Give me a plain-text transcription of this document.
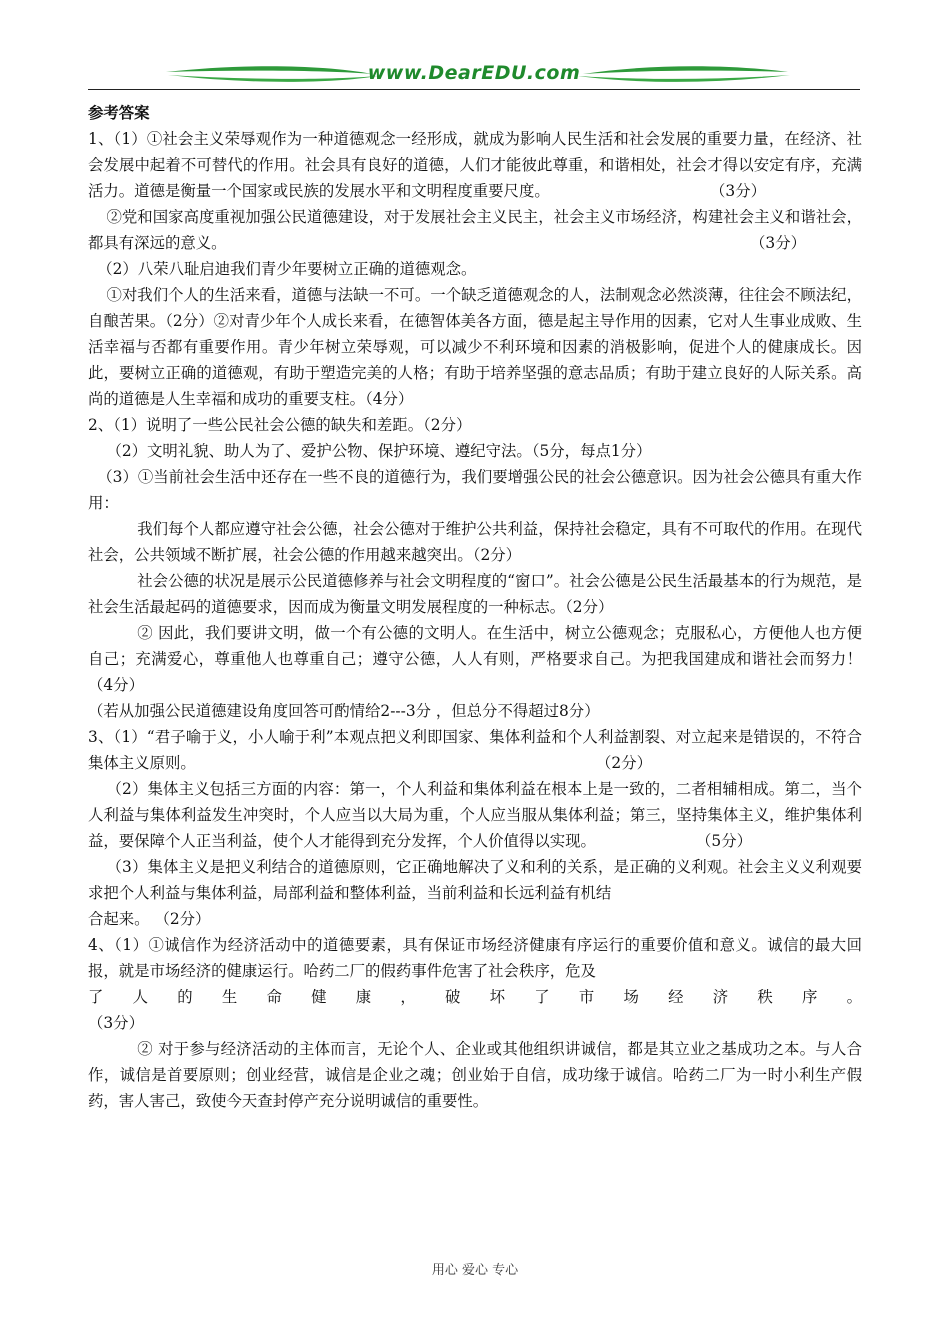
www.DearEDU.com

参考答案

1、（1）①社会主义荣辱观作为一种道德观念一经形成，就成为影响人民生活和社会发展的重要力量，在经济、社会发展中起着不可替代的作用。社会具有良好的道德，人们才能彼此尊重，和谐相处，社会才得以安定有序，充满活力。道德是衡量一个国家或民族的发展水平和文明程度重要尺度。	（3分）

②党和国家高度重视加强公民道德建设，对于发展社会主义民主，社会主义市场经济，构建社会主义和谐社会，都具有深远的意义。	（3分）

（2）八荣八耻启迪我们青少年要树立正确的道德观念。

①对我们个人的生活来看，道德与法缺一不可。一个缺乏道德观念的人，法制观念必然淡薄，往往会不顾法纪，自酿苦果。（2分）②对青少年个人成长来看，在德智体美各方面，德是起主导作用的因素，它对人生事业成败、生活幸福与否都有重要作用。青少年树立荣辱观，可以减少不利环境和因素的消极影响，促进个人的健康成长。因此，要树立正确的道德观，有助于塑造完美的人格；有助于培养坚强的意志品质；有助于建立良好的人际关系。高尚的道德是人生幸福和成功的重要支柱。（4分）

2、（1）说明了一些公民社会公德的缺失和差距。（2分）

（2）文明礼貌、助人为了、爱护公物、保护环境、遵纪守法。（5分，每点1分）

（3）①当前社会生活中还存在一些不良的道德行为，我们要增强公民的社会公德意识。因为社会公德具有重大作用：

我们每个人都应遵守社会公德，社会公德对于维护公共利益，保持社会稳定，具有不可取代的作用。在现代社会，公共领域不断扩展，社会公德的作用越来越突出。（2分）

社会公德的状况是展示公民道德修养与社会文明程度的“窗口”。社会公德是公民生活最基本的行为规范，是社会生活最起码的道德要求，因而成为衡量文明发展程度的一种标志。（2分）

② 因此，我们要讲文明，做一个有公德的文明人。在生活中，树立公德观念；克服私心，方便他人也方便自己；充满爱心，尊重他人也尊重自己；遵守公德，人人有则，严格要求自己。为把我国建成和谐社会而努力！（4分）

（若从加强公民道德建设角度回答可酌情给2---3分 ，但总分不得超过8分）

3、（1）“君子喻于义，小人喻于利”本观点把义利即国家、集体利益和个人利益割裂、对立起来是错误的，不符合集体主义原则。	（2分）

（2）集体主义包括三方面的内容：第一，个人利益和集体利益在根本上是一致的，二者相辅相成。第二，当个人利益与集体利益发生冲突时，个人应当以大局为重，个人应当服从集体利益；第三，坚持集体主义，维护集体利益，要保障个人正当利益，使个人才能得到充分发挥，个人价值得以实现。	（5分）

（3）集体主义是把义利结合的道德原则，它正确地解决了义和利的关系，是正确的义利观。社会主义义利观要求把个人利益与集体利益，局部利益和整体利益，当前利益和长远利益有机结

合起来。 （2分）

4、（1）①诚信作为经济活动中的道德要素，具有保证市场经济健康有序运行的重要价值和意义。诚信的最大回报，就是市场经济的健康运行。哈药二厂的假药事件危害了社会秩序，危及

了人的生命健康，破坏了市场经济秩序。

（3分）

② 对于参与经济活动的主体而言，无论个人、企业或其他组织讲诚信，都是其立业之基成功之本。与人合作，诚信是首要原则；创业经营，诚信是企业之魂；创业始于自信，成功缘于诚信。哈药二厂为一时小利生产假药，害人害己，致使今天查封停产充分说明诚信的重要性。

用心 爱心 专心
